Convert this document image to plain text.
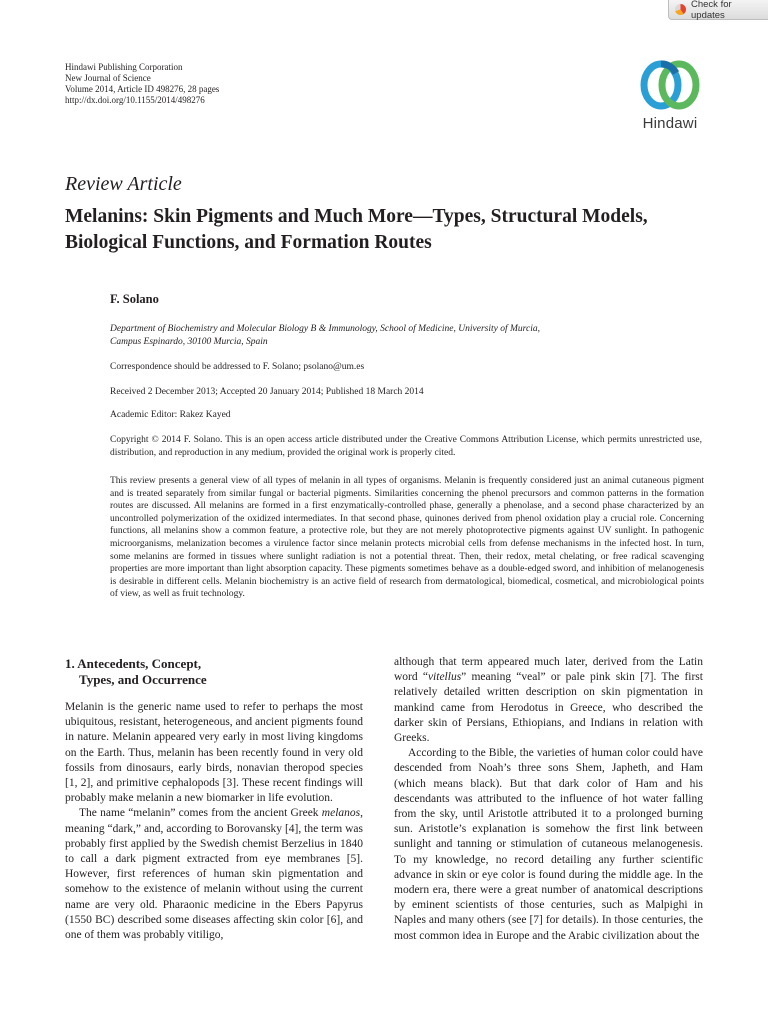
Check for updates
Hindawi Publishing Corporation
New Journal of Science
Volume 2014, Article ID 498276, 28 pages
http://dx.doi.org/10.1155/2014/498276
Hindawi
Review Article
Melanins: Skin Pigments and Much More—Types, Structural Models, Biological Functions, and Formation Routes
F. Solano
Department of Biochemistry and Molecular Biology B & Immunology, School of Medicine, University of Murcia,
Campus Espinardo, 30100 Murcia, Spain
Correspondence should be addressed to F. Solano; psolano@um.es
Received 2 December 2013; Accepted 20 January 2014; Published 18 March 2014
Academic Editor: Rakez Kayed
Copyright © 2014 F. Solano. This is an open access article distributed under the Creative Commons Attribution License, which permits unrestricted use, distribution, and reproduction in any medium, provided the original work is properly cited.
This review presents a general view of all types of melanin in all types of organisms. Melanin is frequently considered just an animal cutaneous pigment and is treated separately from similar fungal or bacterial pigments. Similarities concerning the phenol precursors and common patterns in the formation routes are discussed. All melanins are formed in a first enzymatically-controlled phase, generally a phenolase, and a second phase characterized by an uncontrolled polymerization of the oxidized intermediates. In that second phase, quinones derived from phenol oxidation play a crucial role. Concerning functions, all melanins show a common feature, a protective role, but they are not merely photoprotective pigments against UV sunlight. In pathogenic microorganisms, melanization becomes a virulence factor since melanin protects microbial cells from defense mechanisms in the infected host. In turn, some melanins are formed in tissues where sunlight radiation is not a potential threat. Then, their redox, metal chelating, or free radical scavenging properties are more important than light absorption capacity. These pigments sometimes behave as a double-edged sword, and inhibition of melanogenesis is desirable in different cells. Melanin biochemistry is an active field of research from dermatological, biomedical, cosmetical, and microbiological points of view, as well as fruit technology.
1. Antecedents, Concept,
Types, and Occurrence

Melanin is the generic name used to refer to perhaps the most ubiquitous, resistant, heterogeneous, and ancient pigments found in nature. Melanin appeared very early in most living kingdoms on the Earth. Thus, melanin has been recently found in very old fossils from dinosaurs, early birds, nonavian theropod species [1, 2], and primitive cephalopods [3]. These recent findings will probably make melanin a new biomarker in life evolution.

The name “melanin” comes from the ancient Greek melanos, meaning “dark,” and, according to Borovansky [4], the term was probably first applied by the Swedish chemist Berzelius in 1840 to call a dark pigment extracted from eye membranes [5]. However, first references of human skin pigmentation and somehow to the existence of melanin without using the current name are very old. Pharaonic medicine in the Ebers Papyrus (1550 BC) described some diseases affecting skin color [6], and one of them was probably vitiligo,

although that term appeared much later, derived from the Latin word “vitellus” meaning “veal” or pale pink skin [7]. The first relatively detailed written description on skin pigmentation in mankind came from Herodotus in Greece, who described the darker skin of Persians, Ethiopians, and Indians in relation with Greeks.

According to the Bible, the varieties of human color could have descended from Noah’s three sons Shem, Japheth, and Ham (which means black). But that dark color of Ham and his descendants was attributed to the influence of hot water falling from the sky, until Aristotle attributed it to a prolonged burning sun. Aristotle’s explanation is somehow the first link between sunlight and tanning or stimulation of cutaneous melanogenesis. To my knowledge, no record detailing any further scientific advance in skin or eye color is found during the middle age. In the modern era, there were a great number of anatomical descriptions by eminent scientists of those centuries, such as Malpighi in Naples and many others (see [7] for details). In those centuries, the most common idea in Europe and the Arabic civilization about the
